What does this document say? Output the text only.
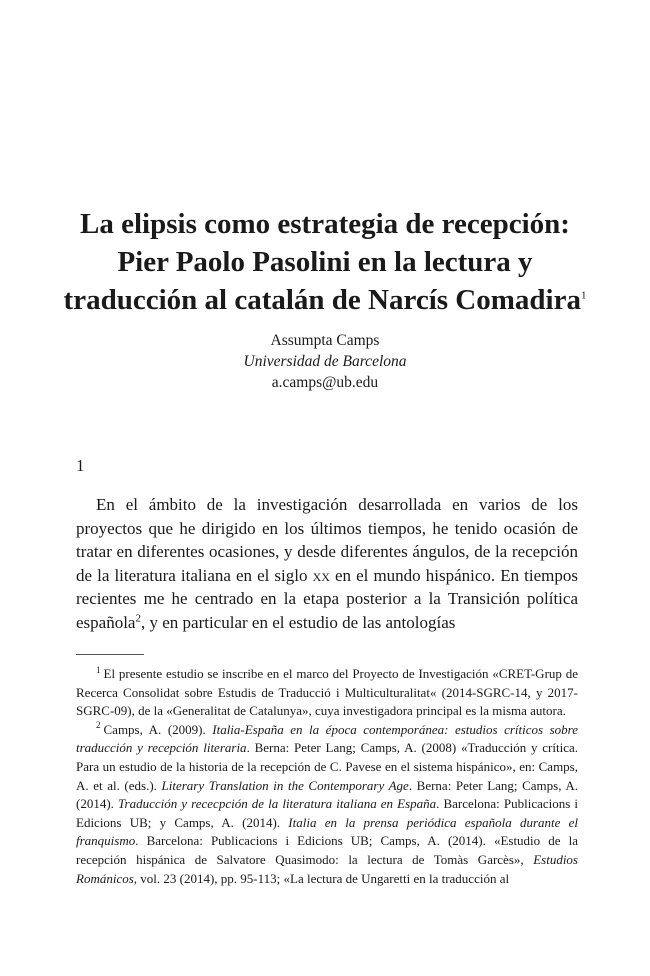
La elipsis como estrategia de recepción:
Pier Paolo Pasolini en la lectura y
traducción al catalán de Narcís Comadira$^1$
Assumpta Camps
Universidad de Barcelona
a.camps@ub.edu
1

En el ámbito de la investigación desarrollada en varios de los proyectos que he dirigido en los últimos tiempos, he tenido ocasión de tratar en diferentes ocasiones, y desde diferentes ángulos, de la recepción de la literatura italiana en el siglo xx en el mundo hispánico. En tiempos recientes me he centrado en la etapa posterior a la Transición política española$^2$, y en particular en el estudio de las antologías

$^1$ El presente estudio se inscribe en el marco del Proyecto de Investigación «CRET-Grup de Recerca Consolidat sobre Estudis de Traducció i Multiculturalitat« (2014-SGRC-14, y 2017-SGRC-09), de la «Generalitat de Catalunya», cuya investigadora principal es la misma autora.

$^2$ Camps, A. (2009). Italia-España en la época contemporánea: estudios críticos sobre traducción y recepción literaria. Berna: Peter Lang; Camps, A. (2008) «Traducción y crítica. Para un estudio de la historia de la recepción de C. Pavese en el sistema hispánico», en: Camps, A. et al. (eds.). Literary Translation in the Contemporary Age. Berna: Peter Lang; Camps, A. (2014). Traducción y rececpción de la literatura italiana en España. Barcelona: Publicacions i Edicions UB; y Camps, A. (2014). Italia en la prensa periódica española durante el franquismo. Barcelona: Publicacions i Edicions UB; Camps, A. (2014). «Estudio de la recepción hispánica de Salvatore Quasimodo: la lectura de Tomàs Garcès», Estudios Románicos, vol. 23 (2014), pp. 95-113; «La lectura de Ungaretti en la traducción al
